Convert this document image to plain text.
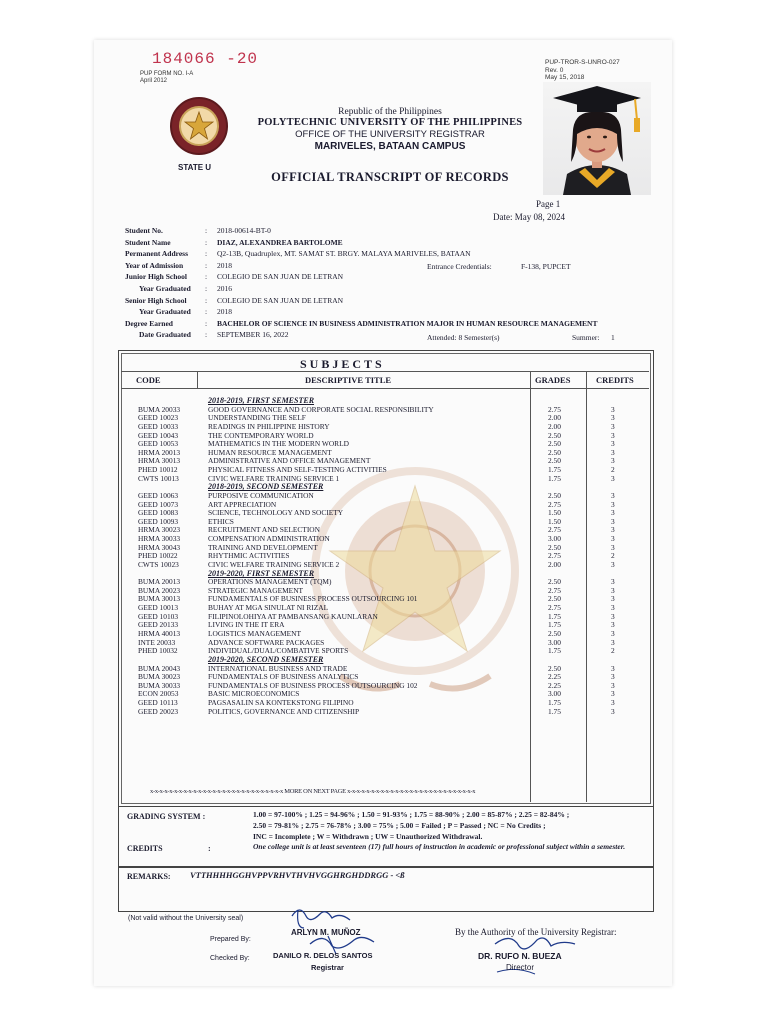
184066 -20
PUP FORM NO. I-A
April 2012
PUP-TROR-S-UNRO-027
Rev. 0
May 15, 2018
STATE U
Republic of the Philippines
POLYTECHNIC UNIVERSITY OF THE PHILIPPINES
OFFICE OF THE UNIVERSITY REGISTRAR
MARIVELES, BATAAN CAMPUS
OFFICIAL TRANSCRIPT OF RECORDS
Page 1
Date: May 08, 2024
Student No.	: 2018-00614-BT-0
Student Name	: DIAZ, ALEXANDREA BARTOLOME
Permanent Address : Q2-13B, Quadruplex, MT. SAMAT ST. BRGY. MALAYA MARIVELES, BATAAN
Year of Admission	: 2018
Junior High School : COLEGIO DE SAN JUAN DE LETRAN
Year Graduated : 2016
Senior High School : COLEGIO DE SAN JUAN DE LETRAN
Year Graduated : 2018
Degree Earned	: BACHELOR OF SCIENCE IN BUSINESS ADMINISTRATION MAJOR IN HUMAN RESOURCE MANAGEMENT
Date Graduated : SEPTEMBER 16, 2022
Entrance Credentials:	F-138, PUPCET
Attended: 8 Semester(s)	Summer: 1
SUBJECTS
CODE	DESCRIPTIVE TITLE	GRADES	CREDITS
2018-2019, FIRST SEMESTER
BUMA 20033	GOOD GOVERNANCE AND CORPORATE SOCIAL RESPONSIBILITY	2.75	3
GEED 10023	UNDERSTANDING THE SELF	2.00	3
GEED 10033	READINGS IN PHILIPPINE HISTORY	2.00	3
GEED 10043	THE CONTEMPORARY WORLD	2.50	3
GEED 10053	MATHEMATICS IN THE MODERN WORLD	2.50	3
HRMA 20013	HUMAN RESOURCE MANAGEMENT	2.50	3
HRMA 30013	ADMINISTRATIVE AND OFFICE MANAGEMENT	2.50	3
PHED 10012	PHYSICAL FITNESS AND SELF-TESTING ACTIVITIES	1.75	2
CWTS 10013	CIVIC WELFARE TRAINING SERVICE 1	1.75	3
2018-2019, SECOND SEMESTER
GEED 10063	PURPOSIVE COMMUNICATION	2.50	3
GEED 10073	ART APPRECIATION	2.75	3
GEED 10083	SCIENCE, TECHNOLOGY AND SOCIETY	1.50	3
GEED 10093	ETHICS	1.50	3
HRMA 30023	RECRUITMENT AND SELECTION	2.75	3
HRMA 30033	COMPENSATION ADMINISTRATION	3.00	3
HRMA 30043	TRAINING AND DEVELOPMENT	2.50	3
PHED 10022	RHYTHMIC ACTIVITIES	2.75	2
CWTS 10023	CIVIC WELFARE TRAINING SERVICE 2	2.00	3
2019-2020, FIRST SEMESTER
BUMA 20013	OPERATIONS MANAGEMENT (TQM)	2.50	3
BUMA 20023	STRATEGIC MANAGEMENT	2.75	3
BUMA 30013	FUNDAMENTALS OF BUSINESS PROCESS OUTSOURCING 101	2.50	3
GEED 10013	BUHAY AT MGA SINULAT NI RIZAL	2.75	3
GEED 10103	FILIPINOLOHIYA AT PAMBANSANG KAUNLARAN	1.75	3
GEED 20133	LIVING IN THE IT ERA	1.75	3
HRMA 40013	LOGISTICS MANAGEMENT	2.50	3
INTE 20033	ADVANCE SOFTWARE PACKAGES	3.00	3
PHED 10032	INDIVIDUAL/DUAL/COMBATIVE SPORTS	1.75	2
2019-2020, SECOND SEMESTER
BUMA 20043	INTERNATIONAL BUSINESS AND TRADE	2.50	3
BUMA 30023	FUNDAMENTALS OF BUSINESS ANALYTICS	2.25	3
BUMA 30033	FUNDAMENTALS OF BUSINESS PROCESS OUTSOURCING 102	2.25	3
ECON 20053	BASIC MICROECONOMICS	3.00	3
GEED 10113	PAGSASALIN SA KONTEKSTONG FILIPINO	1.75	3
GEED 20023	POLITICS, GOVERNANCE AND CITIZENSHIP	1.75	3
x-x-x-x-x-x-x-x-x-x-x-x-x-x-x-x-x-x-x-x-x-x-x-x-x-x-x-x MORE ON NEXT PAGE x-x-x-x-x-x-x-x-x-x-x-x-x-x-x-x-x-x-x-x-x-x-x-x-x-x-x
GRADING SYSTEM :	1.00 = 97-100% ; 1.25 = 94-96% ; 1.50 = 91-93% ; 1.75 = 88-90% ; 2.00 = 85-87% ; 2.25 = 82-84% ;
2.50 = 79-81% ; 2.75 = 76-78% ; 3.00 = 75% ; 5.00 = Failed ; P = Passed ; NC = No Credits ;
INC = Incomplete ; W = Withdrawn ; UW = Unauthorized Withdrawal.
CREDITS	:	One college unit is at least seventeen (17) full hours of instruction in academic or professional subject within a semester.
REMARKS: VTTHHHHGGHVPPVRHVTHVHVGGHRGHDDRGG - <ß
(Not valid without the University seal)
Prepared By:
Checked By:
ARLYN M. MUÑOZ
DANILO R. DELOS SANTOS
Registrar
By the Authority of the University Registrar:
DR. RUFO N. BUEZA
Director
